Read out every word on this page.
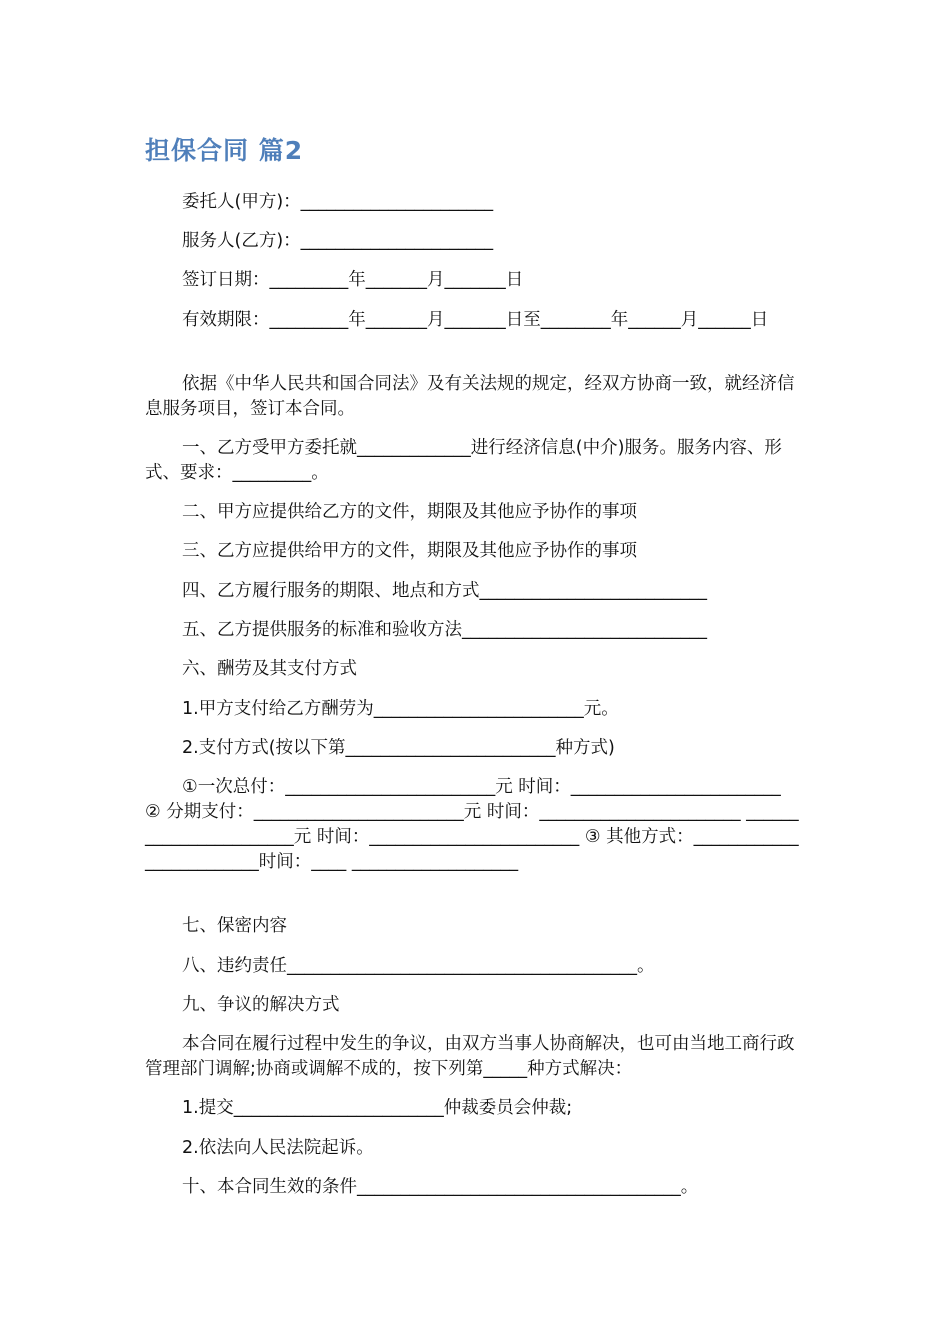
担保合同 篇2

委托人(甲方)：______________________

服务人(乙方)：______________________

签订日期：_________年_______月_______日

有效期限：_________年_______月_______日至________年______月______日

依据《中华人民共和国合同法》及有关法规的规定，经双方协商一致，就经济信息服务项目，签订本合同。

一、乙方受甲方委托就_____________进行经济信息(中介)服务。服务内容、形式、要求：_________。

二、甲方应提供给乙方的文件，期限及其他应予协作的事项

三、乙方应提供给甲方的文件，期限及其他应予协作的事项

四、乙方履行服务的期限、地点和方式__________________________

五、乙方提供服务的标准和验收方法____________________________

六、酬劳及其支付方式

1.甲方支付给乙方酬劳为________________________元。

2.支付方式(按以下第________________________种方式)

①一次总付：________________________元 时间：________________________ ② 分期支付：________________________元 时间：_______________________ _______________________元 时间：________________________ ③ 其他方式：_________________________时间：____ ___________________

七、保密内容

八、违约责任________________________________________。

九、争议的解决方式

本合同在履行过程中发生的争议，由双方当事人协商解决，也可由当地工商行政管理部门调解;协商或调解不成的，按下列第_____种方式解决：

1.提交________________________仲裁委员会仲裁;

2.依法向人民法院起诉。

十、本合同生效的条件_____________________________________。
